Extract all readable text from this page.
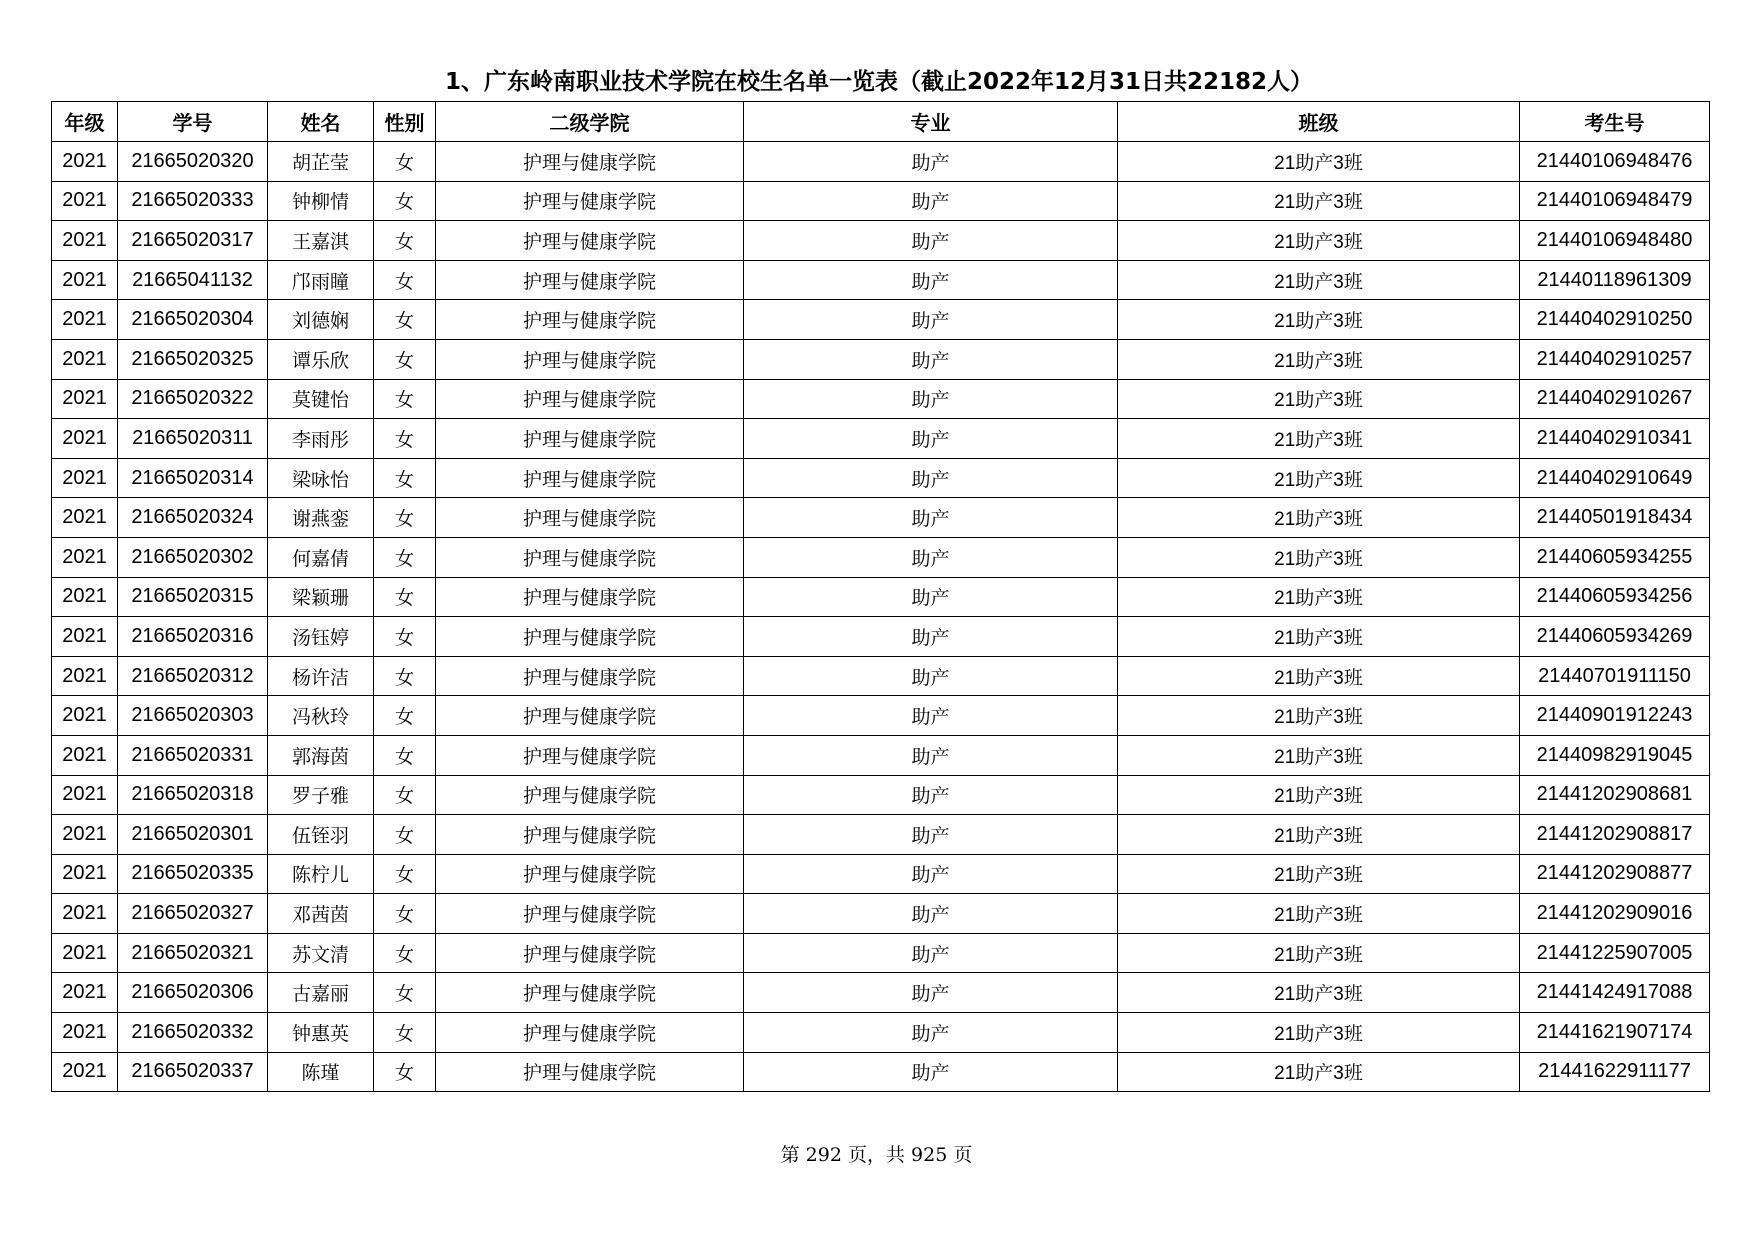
1、广东岭南职业技术学院在校生名单一览表（截止2022年12月31日共22182人）
年级	学号	姓名	性别	二级学院	专业	班级	考生号
2021	21665020320	胡芷莹	女	护理与健康学院	助产	21助产3班	21440106948476
2021	21665020333	钟柳情	女	护理与健康学院	助产	21助产3班	21440106948479
2021	21665020317	王嘉淇	女	护理与健康学院	助产	21助产3班	21440106948480
2021	21665041132	邝雨瞳	女	护理与健康学院	助产	21助产3班	21440118961309
2021	21665020304	刘德娴	女	护理与健康学院	助产	21助产3班	21440402910250
2021	21665020325	谭乐欣	女	护理与健康学院	助产	21助产3班	21440402910257
2021	21665020322	莫键怡	女	护理与健康学院	助产	21助产3班	21440402910267
2021	21665020311	李雨彤	女	护理与健康学院	助产	21助产3班	21440402910341
2021	21665020314	梁咏怡	女	护理与健康学院	助产	21助产3班	21440402910649
2021	21665020324	谢燕銮	女	护理与健康学院	助产	21助产3班	21440501918434
2021	21665020302	何嘉倩	女	护理与健康学院	助产	21助产3班	21440605934255
2021	21665020315	梁颖珊	女	护理与健康学院	助产	21助产3班	21440605934256
2021	21665020316	汤钰婷	女	护理与健康学院	助产	21助产3班	21440605934269
2021	21665020312	杨许洁	女	护理与健康学院	助产	21助产3班	21440701911150
2021	21665020303	冯秋玲	女	护理与健康学院	助产	21助产3班	21440901912243
2021	21665020331	郭海茵	女	护理与健康学院	助产	21助产3班	21440982919045
2021	21665020318	罗子雅	女	护理与健康学院	助产	21助产3班	21441202908681
2021	21665020301	伍铚羽	女	护理与健康学院	助产	21助产3班	21441202908817
2021	21665020335	陈柠儿	女	护理与健康学院	助产	21助产3班	21441202908877
2021	21665020327	邓茜茵	女	护理与健康学院	助产	21助产3班	21441202909016
2021	21665020321	苏文清	女	护理与健康学院	助产	21助产3班	21441225907005
2021	21665020306	古嘉丽	女	护理与健康学院	助产	21助产3班	21441424917088
2021	21665020332	钟惠英	女	护理与健康学院	助产	21助产3班	21441621907174
2021	21665020337	陈瑾	女	护理与健康学院	助产	21助产3班	21441622911177
第 292 页，共 925 页
